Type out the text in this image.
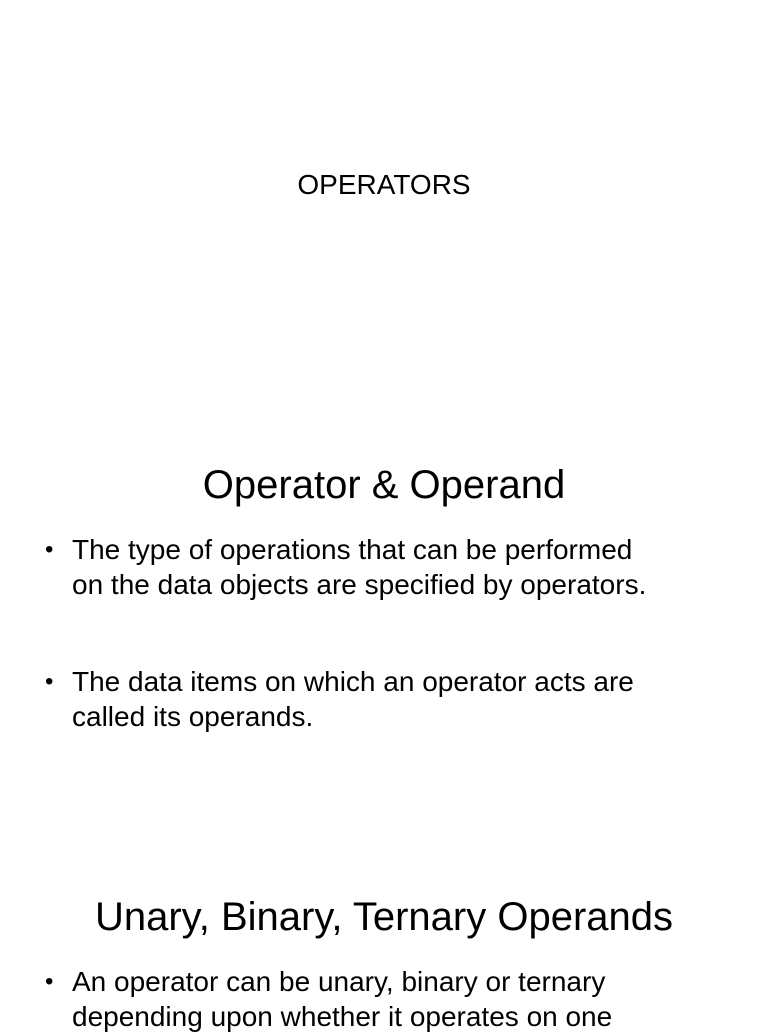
OPERATORS
Operator & Operand
• The type of operations that can be performed
on the data objects are specified by operators.
• The data items on which an operator acts are
called its operands.
Unary, Binary, Ternary Operands
• An operator can be unary, binary or ternary
depending upon whether it operates on one
